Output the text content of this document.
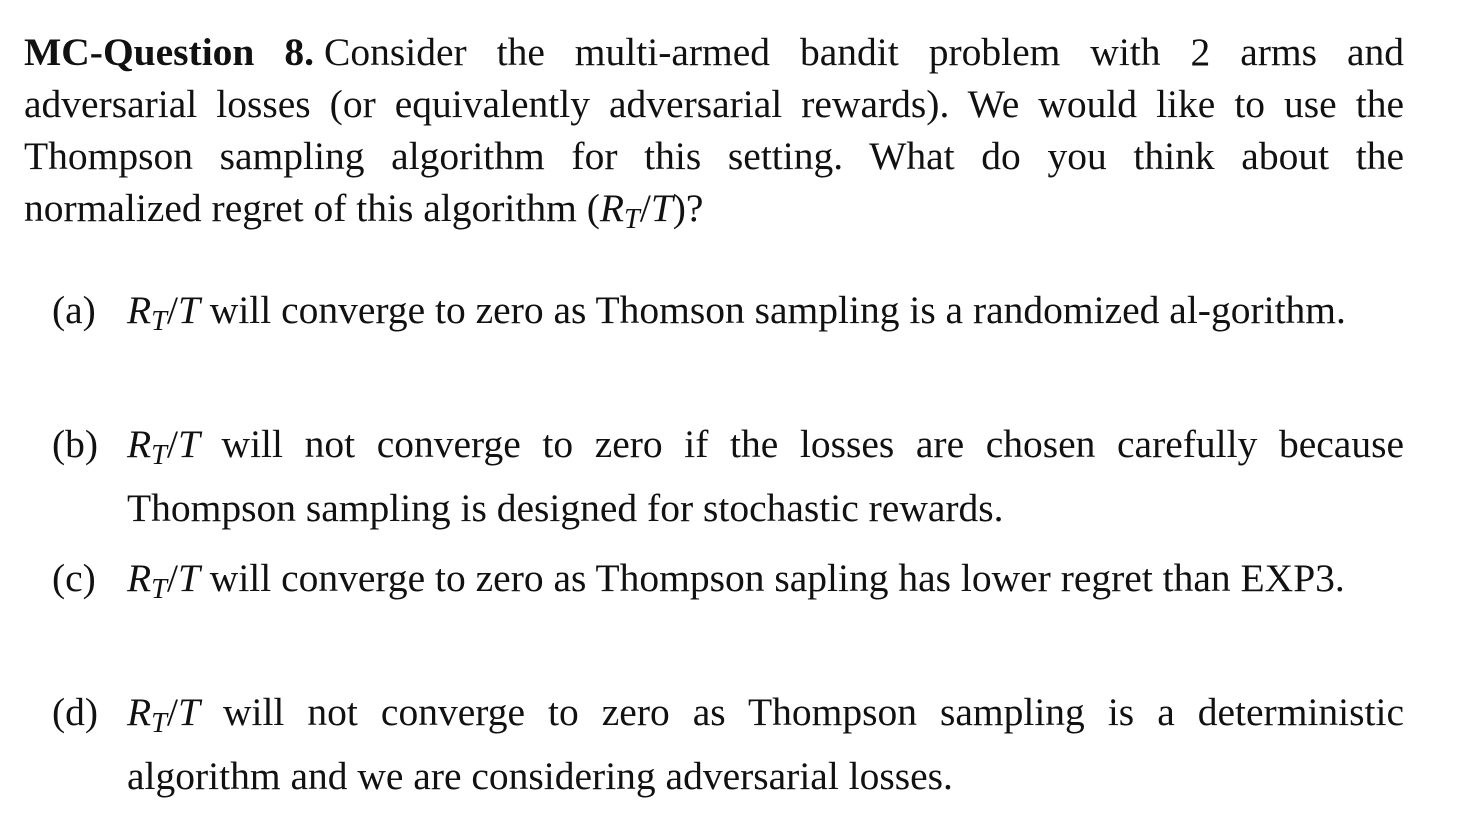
MC-Question 8. Consider the multi-armed bandit problem with 2 arms and adversarial losses (or equivalently adversarial rewards). We would like to use the Thompson sampling algorithm for this setting. What do you think about the normalized regret of this algorithm $(R_T/T)$?

(a) $R_T/T$ will converge to zero as Thomson sampling is a randomized al-gorithm.
(b) $R_T/T$ will not converge to zero if the losses are chosen carefully because Thompson sampling is designed for stochastic rewards.
(c) $R_T/T$ will converge to zero as Thompson sapling has lower regret than EXP3.
(d) $R_T/T$ will not converge to zero as Thompson sampling is a deterministic algorithm and we are considering adversarial losses.
